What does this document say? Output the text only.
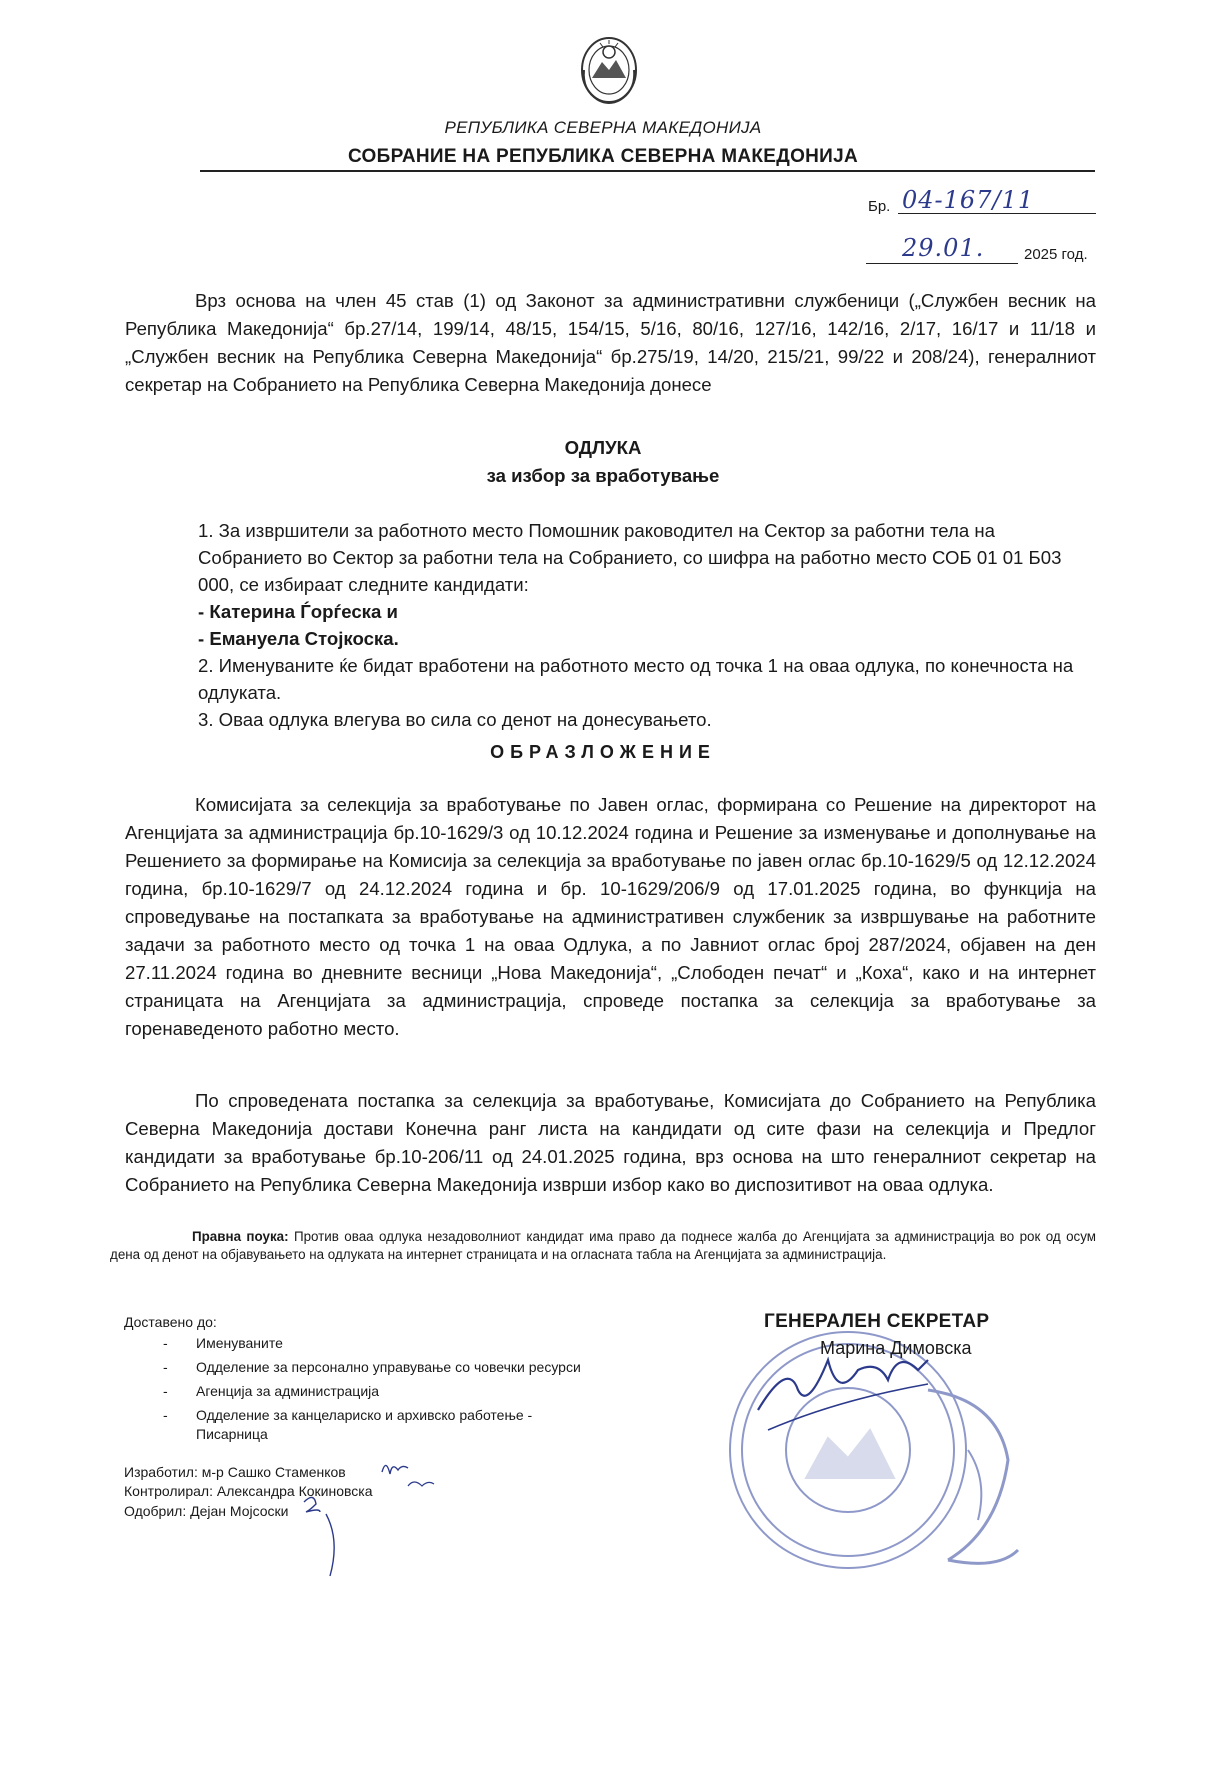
РЕПУБЛИКА СЕВЕРНА МАКЕДОНИЈА
СОБРАНИЕ НА РЕПУБЛИКА СЕВЕРНА МАКЕДОНИЈА
Бр. 04-167/11
29.01.	2025 год.
Врз основа на член 45 став (1) од Законот за административни службеници („Службен весник на Република Македонија“ бр.27/14, 199/14, 48/15, 154/15, 5/16, 80/16, 127/16, 142/16, 2/17, 16/17 и 11/18 и „Службен весник на Република Северна Македонија“ бр.275/19, 14/20, 215/21, 99/22 и 208/24), генералниот секретар на Собранието на Република Северна Македонија донесе
ОДЛУКА
за избор за вработување
1. За извршители за работното место Помошник раководител на Сектор за работни тела на Собранието во Сектор за работни тела на Собранието, со шифра на работно место СОБ 01 01 Б03 000, се избираат следните кандидати:
- Катерина Ѓорѓеска и
- Емануела Стојкоска.
2. Именуваните ќе бидат вработени на работното место од точка 1 на оваа одлука, по конечноста на одлуката.
3. Оваа одлука влегува во сила со денот на донесувањето.
ОБРАЗЛОЖЕНИЕ
Комисијата за селекција за вработување по Јавен оглас, формирана со Решение на директорот на Агенцијата за администрација бр.10-1629/3 од 10.12.2024 година и Решение за изменување и дополнување на Решението за формирање на Комисија за селекција за вработување по јавен оглас бр.10-1629/5 од 12.12.2024 година, бр.10-1629/7 од 24.12.2024 година и бр. 10-1629/206/9 од 17.01.2025 година, во функција на спроведување на постапката за вработување на административен службеник за извршување на работните задачи за работното место од точка 1 на оваа Одлука, а по Јавниот оглас број 287/2024, објавен на ден 27.11.2024 година во дневните весници „Нова Македонија“, „Слободен печат“ и „Коха“, како и на интернет страницата на Агенцијата за администрација, спроведе постапка за селекција за вработување за горенаведеното работно место.
По спроведената постапка за селекција за вработување, Комисијата до Собранието на Република Северна Македонија достави Конечна ранг листа на кандидати од сите фази на селекција и Предлог кандидати за вработување бр.10-206/11 од 24.01.2025 година, врз основа на што генералниот секретар на Собранието на Република Северна Македонија изврши избор како во диспозитивот на оваа одлука.
Правна поука: Против оваа одлука незадоволниот кандидат има право да поднесе жалба до Агенцијата за администрација во рок од осум дена од денот на објавувањето на одлуката на интернет страницата и на огласната табла на Агенцијата за администрација.
Доставено до:
- Именуваните
- Одделение за персонално управување со човечки ресурси
- Агенција за администрација
- Одделение за канцелариско и архивско работење - Писарница
Изработил: м-р Сашко Стаменков
Контролирал: Александра Кокиновска
Одобрил: Дејан Мојсоски
ГЕНЕРАЛЕН СЕКРЕТАР
Марина Димовска
